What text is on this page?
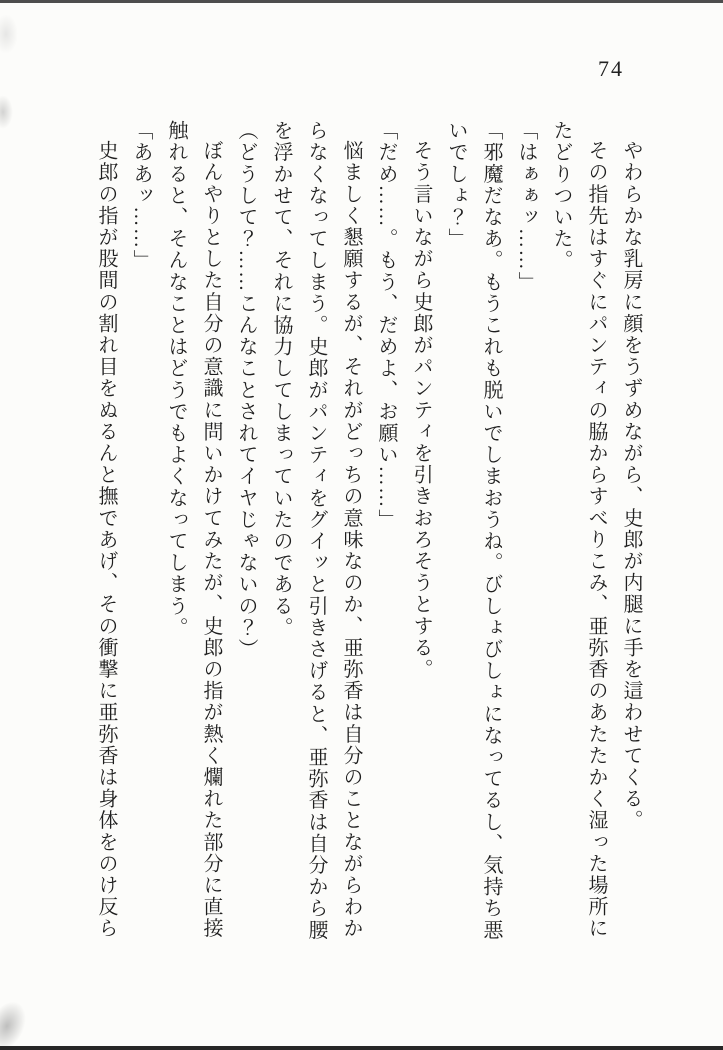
74

やわらかな乳房に顔をうずめながら、史郎が内腿に手を這わせてくる。

その指先はすぐにパンティの脇からすべりこみ、亜弥香のあたたかく湿った場所にたどりついた。

「はぁぁッ……」

「邪魔だなあ。もうこれも脱いでしまおうね。びしょびしょになってるし、気持ち悪いでしょ？」

そう言いながら史郎がパンティを引きおろそうとする。

「だめ……。もう、だめよ、お願い……」

悩ましく懇願するが、それがどっちの意味なのか、亜弥香は自分のことながらわからなくなってしまう。史郎がパンティをグイッと引きさげると、亜弥香は自分から腰を浮かせて、それに協力してしまっていたのである。

（どうして？……こんなことされてイヤじゃないの？）

ぼんやりとした自分の意識に問いかけてみたが、史郎の指が熱く爛れた部分に直接触れると、そんなことはどうでもよくなってしまう。

「ああッ……」

史郎の指が股間の割れ目をぬるんと撫であげ、その衝撃に亜弥香は身体をのけ反ら
